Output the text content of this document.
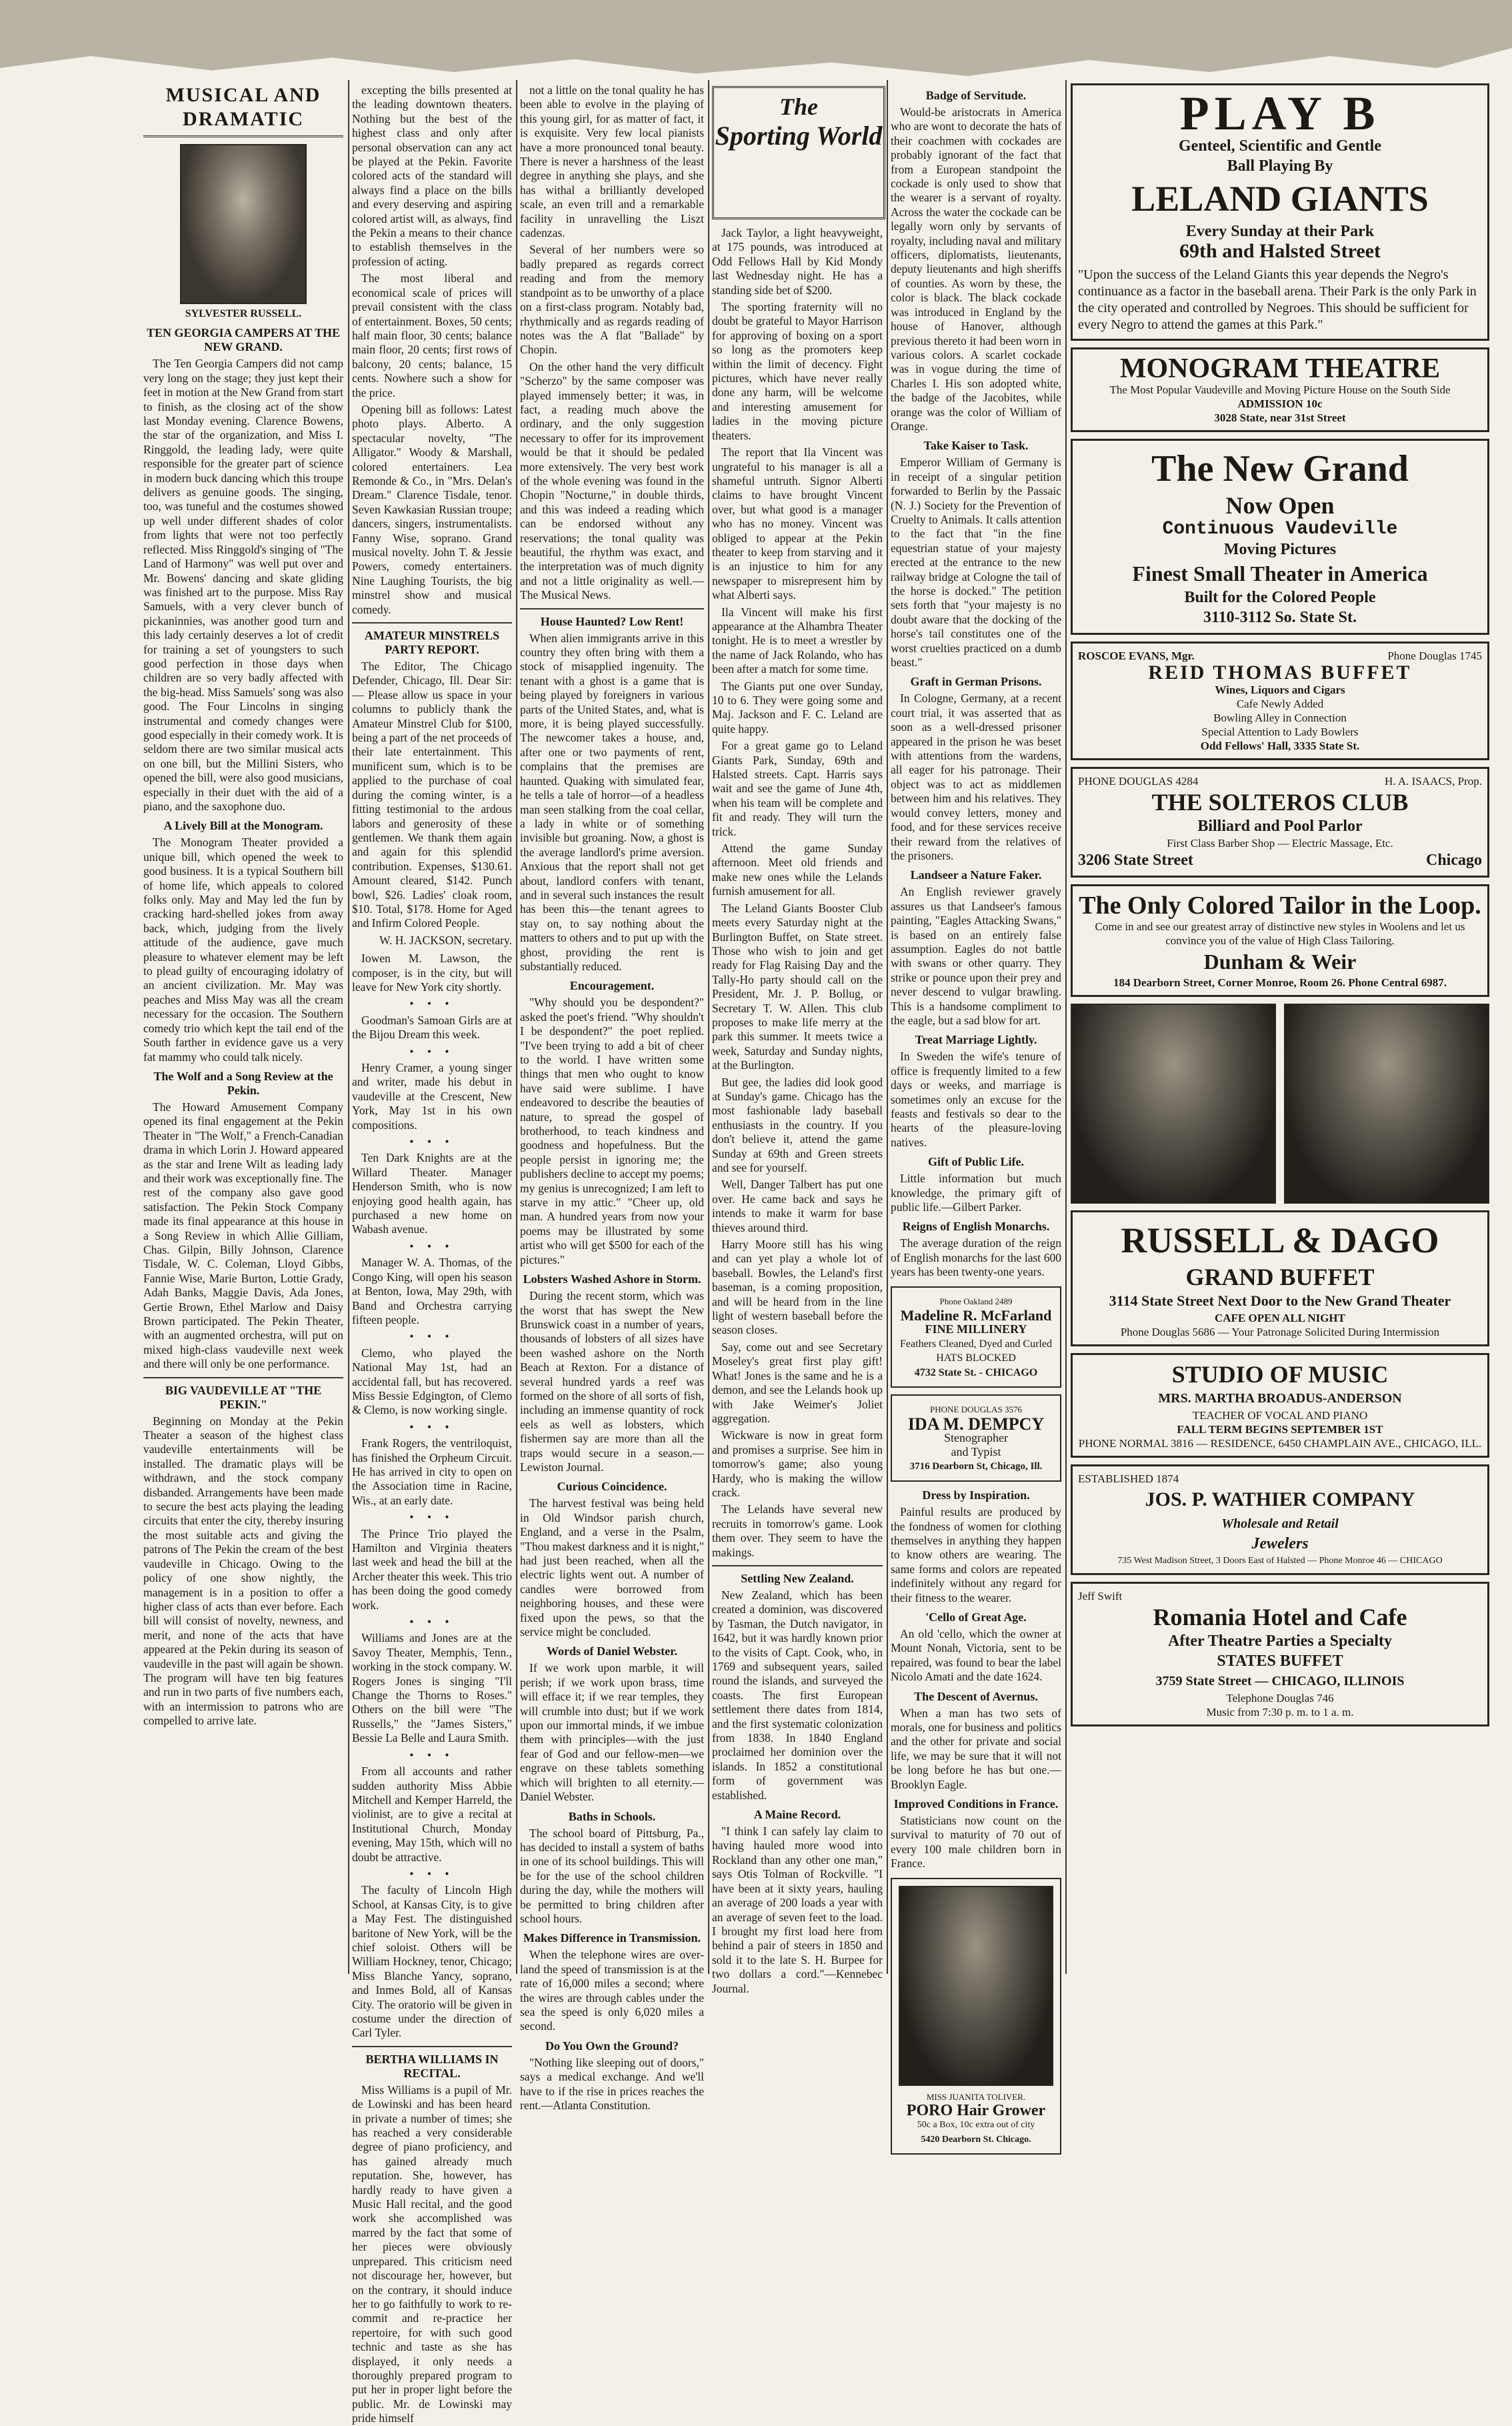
MUSICAL AND DRAMATIC
SYLVESTER RUSSELL.
TEN GEORGIA CAMPERS AT THE NEW GRAND.

The Ten Georgia Campers did not camp very long on the stage; they just kept their feet in motion at the New Grand from start to finish, as the closing act of the show last Monday evening. Clarence Bowens, the star of the organization, and Miss I. Ringgold, the leading lady, were quite responsible for the greater part of science in modern buck dancing which this troupe delivers as genuine goods. The singing, too, was tuneful and the costumes showed up well under different shades of color from lights that were not too perfectly reflected. Miss Ringgold's singing of "The Land of Harmony" was well put over and Mr. Bowens' dancing and skate gliding was finished art to the purpose. Miss Ray Samuels, with a very clever bunch of pickaninnies, was another good turn and this lady certainly deserves a lot of credit for training a set of youngsters to such good perfection in those days when children are so very badly affected with the big-head. Miss Samuels' song was also good. The Four Lincolns in singing instrumental and comedy changes were good especially in their comedy work. It is seldom there are two similar musical acts on one bill, but the Millini Sisters, who opened the bill, were also good musicians, especially in their duet with the aid of a piano, and the saxophone duo.

A Lively Bill at the Monogram.

The Monogram Theater provided a unique bill, which opened the week to good business. It is a typical Southern bill of home life, which appeals to colored folks only. May and May led the fun by cracking hard-shelled jokes from away back, which, judging from the lively attitude of the audience, gave much pleasure to whatever element may be left to plead guilty of encouraging idolatry of an ancient civilization. Mr. May was peaches and Miss May was all the cream necessary for the occasion. The Southern comedy trio which kept the tail end of the South farther in evidence gave us a very fat mammy who could talk nicely.

The Wolf and a Song Review at the Pekin.

The Howard Amusement Company opened its final engagement at the Pekin Theater in "The Wolf," a French-Canadian drama in which Lorin J. Howard appeared as the star and Irene Wilt as leading lady and their work was exceptionally fine. The rest of the company also gave good satisfaction. The Pekin Stock Company made its final appearance at this house in a Song Review in which Allie Gilliam, Chas. Gilpin, Billy Johnson, Clarence Tisdale, W. C. Coleman, Lloyd Gibbs, Fannie Wise, Marie Burton, Lottie Grady, Adah Banks, Maggie Davis, Ada Jones, Gertie Brown, Ethel Marlow and Daisy Brown participated. The Pekin Theater, with an augmented orchestra, will put on mixed high-class vaudeville next week and there will only be one performance.

BIG VAUDEVILLE AT "THE PEKIN."

Beginning on Monday at the Pekin Theater a season of the highest class vaudeville entertainments will be installed. The dramatic plays will be withdrawn, and the stock company disbanded. Arrangements have been made to secure the best acts playing the leading circuits that enter the city, thereby insuring the most suitable acts and giving the patrons of The Pekin the cream of the best vaudeville in Chicago. Owing to the policy of one show nightly, the management is in a position to offer a higher class of acts than ever before. Each bill will consist of novelty, newness, and merit, and none of the acts that have appeared at the Pekin during its season of vaudeville in the past will again be shown. The program will have ten big features and run in two parts of five numbers each, with an intermission to patrons who are compelled to arrive late.

excepting the bills presented at the leading downtown theaters. Nothing but the best of the highest class and only after personal observation can any act be played at the Pekin. Favorite colored acts of the standard will always find a place on the bills and every deserving and aspiring colored artist will, as always, find the Pekin a means to their chance to establish themselves in the profession of acting.

The most liberal and economical scale of prices will prevail consistent with the class of entertainment. Boxes, 50 cents; half main floor, 30 cents; balance main floor, 20 cents; first rows of balcony, 20 cents; balance, 15 cents. Nowhere such a show for the price.

Opening bill as follows: Latest photo plays. Alberto. A spectacular novelty, "The Alligator." Woody & Marshall, colored entertainers. Lea Remonde & Co., in "Mrs. Delan's Dream." Clarence Tisdale, tenor. Seven Kawkasian Russian troupe; dancers, singers, instrumentalists. Fanny Wise, soprano. Grand musical novelty. John T. & Jessie Powers, comedy entertainers. Nine Laughing Tourists, the big minstrel show and musical comedy.

AMATEUR MINSTRELS PARTY REPORT.

The Editor, The Chicago Defender, Chicago, Ill. Dear Sir:— Please allow us space in your columns to publicly thank the Amateur Minstrel Club for $100, being a part of the net proceeds of their late entertainment. This munificent sum, which is to be applied to the purchase of coal during the coming winter, is a fitting testimonial to the ardous labors and generosity of these gentlemen. We thank them again and again for this splendid contribution. Expenses, $130.61. Amount cleared, $142. Punch bowl, $26. Ladies' cloak room, $10. Total, $178. Home for Aged and Infirm Colored People.

W. H. JACKSON, secretary.

Iowen M. Lawson, the composer, is in the city, but will leave for New York city shortly.

• • •

Goodman's Samoan Girls are at the Bijou Dream this week.

• • •

Henry Cramer, a young singer and writer, made his debut in vaudeville at the Crescent, New York, May 1st in his own compositions.

• • •

Ten Dark Knights are at the Willard Theater. Manager Henderson Smith, who is now enjoying good health again, has purchased a new home on Wabash avenue.

• • •

Manager W. A. Thomas, of the Congo King, will open his season at Benton, Iowa, May 29th, with Band and Orchestra carrying fifteen people.

• • •

Clemo, who played the National May 1st, had an accidental fall, but has recovered. Miss Bessie Edgington, of Clemo & Clemo, is now working single.

• • •

Frank Rogers, the ventriloquist, has finished the Orpheum Circuit. He has arrived in city to open on the Association time in Racine, Wis., at an early date.

• • •

The Prince Trio played the Hamilton and Virginia theaters last week and head the bill at the Archer theater this week. This trio has been doing the good comedy work.

• • •

Williams and Jones are at the Savoy Theater, Memphis, Tenn., working in the stock company. W. Rogers Jones is singing "I'll Change the Thorns to Roses." Others on the bill were "The Russells," the "James Sisters," Bessie La Belle and Laura Smith.

• • •

From all accounts and rather sudden authority Miss Abbie Mitchell and Kemper Harreld, the violinist, are to give a recital at Institutional Church, Monday evening, May 15th, which will no doubt be attractive.

• • •

The faculty of Lincoln High School, at Kansas City, is to give a May Fest. The distinguished baritone of New York, will be the chief soloist. Others will be William Hockney, tenor, Chicago; Miss Blanche Yancy, soprano, and Inmes Bold, all of Kansas City. The oratorio will be given in costume under the direction of Carl Tyler.

BERTHA WILLIAMS IN RECITAL.

Miss Williams is a pupil of Mr. de Lowinski and has been heard in private a number of times; she has reached a very considerable degree of piano proficiency, and has gained already much reputation. She, however, has hardly ready to have given a Music Hall recital, and the good work she accomplished was marred by the fact that some of her pieces were obviously unprepared. This criticism need not discourage her, however, but on the contrary, it should induce her to go faithfully to work to re-commit and re-practice her repertoire, for with such good technic and taste as she has displayed, it only needs a thoroughly prepared program to put her in proper light before the public. Mr. de Lowinski may pride himself

not a little on the tonal quality he has been able to evolve in the playing of this young girl, for as matter of fact, it is exquisite. Very few local pianists have a more pronounced tonal beauty. There is never a harshness of the least degree in anything she plays, and she has withal a brilliantly developed scale, an even trill and a remarkable facility in unravelling the Liszt cadenzas.

Several of her numbers were so badly prepared as regards correct reading and from the memory standpoint as to be unworthy of a place on a first-class program. Notably bad, rhythmically and as regards reading of notes was the A flat "Ballade" by Chopin.

On the other hand the very difficult "Scherzo" by the same composer was played immensely better; it was, in fact, a reading much above the ordinary, and the only suggestion necessary to offer for its improvement would be that it should be pedaled more extensively. The very best work of the whole evening was found in the Chopin "Nocturne," in double thirds, and this was indeed a reading which can be endorsed without any reservations; the tonal quality was beautiful, the rhythm was exact, and the interpretation was of much dignity and not a little originality as well.—The Musical News.

House Haunted? Low Rent!

When alien immigrants arrive in this country they often bring with them a stock of misapplied ingenuity. The tenant with a ghost is a game that is being played by foreigners in various parts of the United States, and, what is more, it is being played successfully. The newcomer takes a house, and, after one or two payments of rent, complains that the premises are haunted. Quaking with simulated fear, he tells a tale of horror—of a headless man seen stalking from the coal cellar, a lady in white or of something invisible but groaning. Now, a ghost is the average landlord's prime aversion. Anxious that the report shall not get about, landlord confers with tenant, and in several such instances the result has been this—the tenant agrees to stay on, to say nothing about the matters to others and to put up with the ghost, providing the rent is substantially reduced.

Encouragement.

"Why should you be despondent?" asked the poet's friend. "Why shouldn't I be despondent?" the poet replied. "I've been trying to add a bit of cheer to the world. I have written some things that men who ought to know have said were sublime. I have endeavored to describe the beauties of nature, to spread the gospel of brotherhood, to teach kindness and goodness and hopefulness. But the people persist in ignoring me; the publishers decline to accept my poems; my genius is unrecognized; I am left to starve in my attic." "Cheer up, old man. A hundred years from now your poems may be illustrated by some artist who will get $500 for each of the pictures."

Lobsters Washed Ashore in Storm.

During the recent storm, which was the worst that has swept the New Brunswick coast in a number of years, thousands of lobsters of all sizes have been washed ashore on the North Beach at Rexton. For a distance of several hundred yards a reef was formed on the shore of all sorts of fish, including an immense quantity of rock eels as well as lobsters, which fishermen say are more than all the traps would secure in a season.—Lewiston Journal.

Curious Coincidence.

The harvest festival was being held in Old Windsor parish church, England, and a verse in the Psalm, "Thou makest darkness and it is night," had just been reached, when all the electric lights went out. A number of candles were borrowed from neighboring houses, and these were fixed upon the pews, so that the service might be concluded.

Words of Daniel Webster.

If we work upon marble, it will perish; if we work upon brass, time will efface it; if we rear temples, they will crumble into dust; but if we work upon our immortal minds, if we imbue them with principles—with the just fear of God and our fellow-men—we engrave on these tablets something which will brighten to all eternity.—Daniel Webster.

Baths in Schools.

The school board of Pittsburg, Pa., has decided to install a system of baths in one of its school buildings. This will be for the use of the school children during the day, while the mothers will be permitted to bring children after school hours.

Makes Difference in Transmission.

When the telephone wires are over-land the speed of transmission is at the rate of 16,000 miles a second; where the wires are through cables under the sea the speed is only 6,020 miles a second.

Do You Own the Ground?

"Nothing like sleeping out of doors," says a medical exchange. And we'll have to if the rise in prices reaches the rent.—Atlanta Constitution.

The
Sporting World

Jack Taylor, a light heavyweight, at 175 pounds, was introduced at Odd Fellows Hall by Kid Mondy last Wednesday night. He has a standing side bet of $200.

The sporting fraternity will no doubt be grateful to Mayor Harrison for approving of boxing on a sport so long as the promoters keep within the limit of decency. Fight pictures, which have never really done any harm, will be welcome and interesting amusement for ladies in the moving picture theaters.

The report that Ila Vincent was ungrateful to his manager is all a shameful untruth. Signor Alberti claims to have brought Vincent over, but what good is a manager who has no money. Vincent was obliged to appear at the Pekin theater to keep from starving and it is an injustice to him for any newspaper to misrepresent him by what Alberti says.

Ila Vincent will make his first appearance at the Alhambra Theater tonight. He is to meet a wrestler by the name of Jack Rolando, who has been after a match for some time.

The Giants put one over Sunday, 10 to 6. They were going some and Maj. Jackson and F. C. Leland are quite happy.

For a great game go to Leland Giants Park, Sunday, 69th and Halsted streets. Capt. Harris says wait and see the game of June 4th, when his team will be complete and fit and ready. They will turn the trick.

Attend the game Sunday afternoon. Meet old friends and make new ones while the Lelands furnish amusement for all.

The Leland Giants Booster Club meets every Saturday night at the Burlington Buffet, on State street. Those who wish to join and get ready for Flag Raising Day and the Tally-Ho party should call on the President, Mr. J. P. Bollug, or Secretary T. W. Allen. This club proposes to make life merry at the park this summer. It meets twice a week, Saturday and Sunday nights, at the Burlington.

But gee, the ladies did look good at Sunday's game. Chicago has the most fashionable lady baseball enthusiasts in the country. If you don't believe it, attend the game Sunday at 69th and Green streets and see for yourself.

Well, Danger Talbert has put one over. He came back and says he intends to make it warm for base thieves around third.

Harry Moore still has his wing and can yet play a whole lot of baseball. Bowles, the Leland's first baseman, is a coming proposition, and will be heard from in the line light of western baseball before the season closes.

Say, come out and see Secretary Moseley's great first play gift! What! Jones is the same and he is a demon, and see the Lelands hook up with Jake Weimer's Joliet aggregation.

Wickware is now in great form and promises a surprise. See him in tomorrow's game; also young Hardy, who is making the willow crack.

The Lelands have several new recruits in tomorrow's game. Look them over. They seem to have the makings.

Settling New Zealand.

New Zealand, which has been created a dominion, was discovered by Tasman, the Dutch navigator, in 1642, but it was hardly known prior to the visits of Capt. Cook, who, in 1769 and subsequent years, sailed round the islands, and surveyed the coasts. The first European settlement there dates from 1814, and the first systematic colonization from 1838. In 1840 England proclaimed her dominion over the islands. In 1852 a constitutional form of government was established.

A Maine Record.

"I think I can safely lay claim to having hauled more wood into Rockland than any other one man," says Otis Tolman of Rockville. "I have been at it sixty years, hauling an average of 200 loads a year with an average of seven feet to the load. I brought my first load here from behind a pair of steers in 1850 and sold it to the late S. H. Burpee for two dollars a cord."—Kennebec Journal.

Badge of Servitude.

Would-be aristocrats in America who are wont to decorate the hats of their coachmen with cockades are probably ignorant of the fact that from a European standpoint the cockade is only used to show that the wearer is a servant of royalty. Across the water the cockade can be legally worn only by servants of royalty, including naval and military officers, diplomatists, lieutenants, deputy lieutenants and high sheriffs of counties. As worn by these, the color is black. The black cockade was introduced in England by the house of Hanover, although previous thereto it had been worn in various colors. A scarlet cockade was in vogue during the time of Charles I. His son adopted white, the badge of the Jacobites, while orange was the color of William of Orange.

Take Kaiser to Task.

Emperor William of Germany is in receipt of a singular petition forwarded to Berlin by the Passaic (N. J.) Society for the Prevention of Cruelty to Animals. It calls attention to the fact that "in the fine equestrian statue of your majesty erected at the entrance to the new railway bridge at Cologne the tail of the horse is docked." The petition sets forth that "your majesty is no doubt aware that the docking of the horse's tail constitutes one of the worst cruelties practiced on a dumb beast."

Graft in German Prisons.

In Cologne, Germany, at a recent court trial, it was asserted that as soon as a well-dressed prisoner appeared in the prison he was beset with attentions from the wardens, all eager for his patronage. Their object was to act as middlemen between him and his relatives. They would convey letters, money and food, and for these services receive their reward from the relatives of the prisoners.

Landseer a Nature Faker.

An English reviewer gravely assures us that Landseer's famous painting, "Eagles Attacking Swans," is based on an entirely false assumption. Eagles do not battle with swans or other quarry. They strike or pounce upon their prey and never descend to vulgar brawling. This is a handsome compliment to the eagle, but a sad blow for art.

Treat Marriage Lightly.

In Sweden the wife's tenure of office is frequently limited to a few days or weeks, and marriage is sometimes only an excuse for the feasts and festivals so dear to the hearts of the pleasure-loving natives.

Gift of Public Life.

Little information but much knowledge, the primary gift of public life.—Gilbert Parker.

Reigns of English Monarchs.

The average duration of the reign of English monarchs for the last 600 years has been twenty-one years.

Phone Oakland 2489
Madeline R. McFarland
FINE MILLINERY
Feathers Cleaned, Dyed and Curled
HATS BLOCKED
4732 State St. - CHICAGO
PHONE DOUGLAS 3576
IDA M. DEMPCY
Stenographer
and Typist
3716 Dearborn St, Chicago, Ill.
Dress by Inspiration.

Painful results are produced by the fondness of women for clothing themselves in anything they happen to know others are wearing. The same forms and colors are repeated indefinitely without any regard for their fitness to the wearer.

'Cello of Great Age.

An old 'cello, which the owner at Mount Nonah, Victoria, sent to be repaired, was found to bear the label Nicolo Amati and the date 1624.

The Descent of Avernus.

When a man has two sets of morals, one for business and politics and the other for private and social life, we may be sure that it will not be long before he has but one.—Brooklyn Eagle.

Improved Conditions in France.

Statisticians now count on the survival to maturity of 70 out of every 100 male children born in France.

MISS JUANITA TOLIVER.
PORO Hair Grower
50c a Box, 10c extra out of city
5420 Dearborn St. Chicago.
PLAY B
Genteel, Scientific and Gentle
Ball Playing By
LELAND GIANTS
Every Sunday at their Park
69th and Halsted Street
"Upon the success of the Leland Giants this year depends the Negro's continuance as a factor in the baseball arena. Their Park is the only Park in the city operated and controlled by Negroes. This should be sufficient for every Negro to attend the games at this Park."
MONOGRAM THEATRE
The Most Popular Vaudeville and Moving Picture House on the South Side
ADMISSION 10c
3028 State, near 31st Street
The New Grand
Now Open
Continuous Vaudeville
Moving Pictures
Finest Small Theater in America
Built for the Colored People
3110-3112 So. State St.
ROSCOE EVANS, Mgr.	Phone Douglas 1745
REID THOMAS BUFFET
Wines, Liquors and Cigars
Cafe Newly Added
Bowling Alley in Connection
Special Attention to Lady Bowlers
Odd Fellows' Hall, 3335 State St.
PHONE DOUGLAS 4284	H. A. ISAACS, Prop.
THE SOLTEROS CLUB
Billiard and Pool Parlor
First Class Barber Shop — Electric Massage, Etc.
3206 State Street	Chicago
The Only Colored Tailor in the Loop.
Come in and see our greatest array of distinctive new styles in Woolens and let us convince you of the value of High Class Tailoring.
Dunham & Weir
184 Dearborn Street, Corner Monroe, Room 26. Phone Central 6987.
RUSSELL & DAGO
GRAND BUFFET
3114 State Street Next Door to the New Grand Theater
CAFE OPEN ALL NIGHT
Phone Douglas 5686 — Your Patronage Solicited During Intermission
STUDIO OF MUSIC
MRS. MARTHA BROADUS-ANDERSON
TEACHER OF VOCAL AND PIANO
FALL TERM BEGINS SEPTEMBER 1ST
PHONE NORMAL 3816 — RESIDENCE, 6450 CHAMPLAIN AVE., CHICAGO, ILL.
ESTABLISHED 1874
JOS. P. WATHIER COMPANY
Wholesale and Retail
Jewelers
735 West Madison Street, 3 Doors East of Halsted — Phone Monroe 46 — CHICAGO
Jeff Swift
Romania Hotel and Cafe
After Theatre Parties a Specialty
STATES BUFFET
3759 State Street — CHICAGO, ILLINOIS
Telephone Douglas 746
Music from 7:30 p. m. to 1 a. m.
